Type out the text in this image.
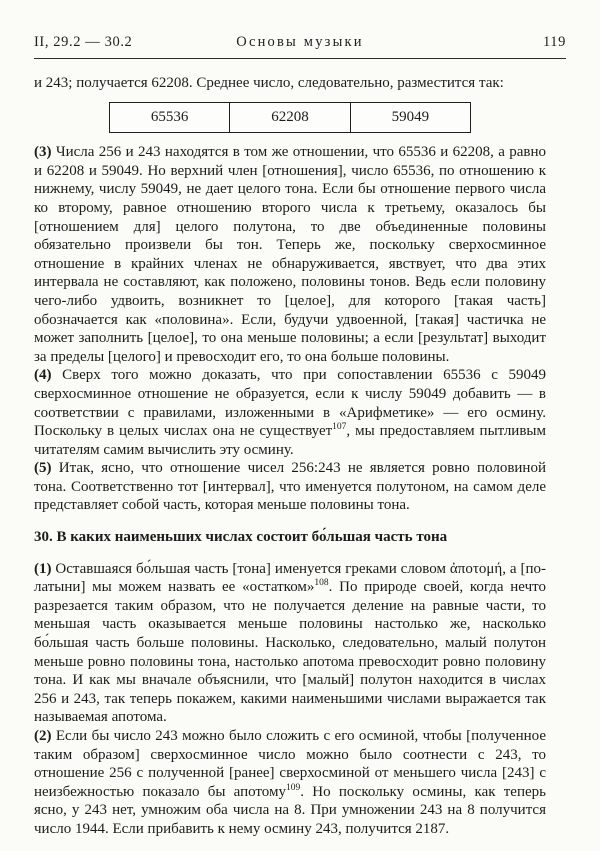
II, 29.2 — 30.2	Основы музыки	119

и 243; получается 62208. Среднее число, следовательно, разместится так:

65536	62208	59049

(3) Числа 256 и 243 находятся в том же отношении, что 65536 и 62208, а равно и 62208 и 59049. Но верхний член [отношения], число 65536, по отношению к нижнему, числу 59049, не дает целого тона. Если бы отношение первого числа ко второму, равное отношению второго числа к третьему, оказалось бы [отношением для] целого полутона, то две объединенные половины обязательно произвели бы тон. Теперь же, поскольку сверхосминное отношение в крайних членах не обнаруживается, явствует, что два этих интервала не составляют, как положено, половины тонов. Ведь если половину чего-либо удвоить, возникнет то [целое], для которого [такая часть] обозначается как «половина». Если, будучи удвоенной, [такая] частичка не может заполнить [целое], то она меньше половины; а если [результат] выходит за пределы [целого] и превосходит его, то она больше половины.

(4) Сверх того можно доказать, что при сопоставлении 65536 с 59049 сверхосминное отношение не образуется, если к числу 59049 добавить — в соответствии с правилами, изложенными в «Арифметике» — его осмину. Поскольку в целых числах она не существует$^{107}$, мы предоставляем пытливым читателям самим вычислить эту осмину.

(5) Итак, ясно, что отношение чисел 256:243 не является ровно половиной тона. Соответственно тот [интервал], что именуется полутоном, на самом деле представляет собой часть, которая меньше половины тона.

30. В каких наименьших числах состоит бо́льшая часть тона

(1) Оставшаяся бо́льшая часть [тона] именуется греками словом ἀποτομή, а [по-латыни] мы можем назвать ее «остатком»$^{108}$. По природе своей, когда нечто разрезается таким образом, что не получается деление на равные части, то меньшая часть оказывается меньше половины настолько же, насколько бо́льшая часть больше половины. Насколько, следовательно, малый полутон меньше ровно половины тона, настолько апотома превосходит ровно половину тона. И как мы вначале объяснили, что [малый] полутон находится в числах 256 и 243, так теперь покажем, какими наименьшими числами выражается так называемая апотома.

(2) Если бы число 243 можно было сложить с его осминой, чтобы [полученное таким образом] сверхосминное число можно было соотнести с 243, то отношение 256 с полученной [ранее] сверхосминой от меньшего числа [243] с неизбежностью показало бы апотому$^{109}$. Но поскольку осмины, как теперь ясно, у 243 нет, умножим оба числа на 8. При умножении 243 на 8 получится число 1944. Если прибавить к нему осмину 243, получится 2187.
